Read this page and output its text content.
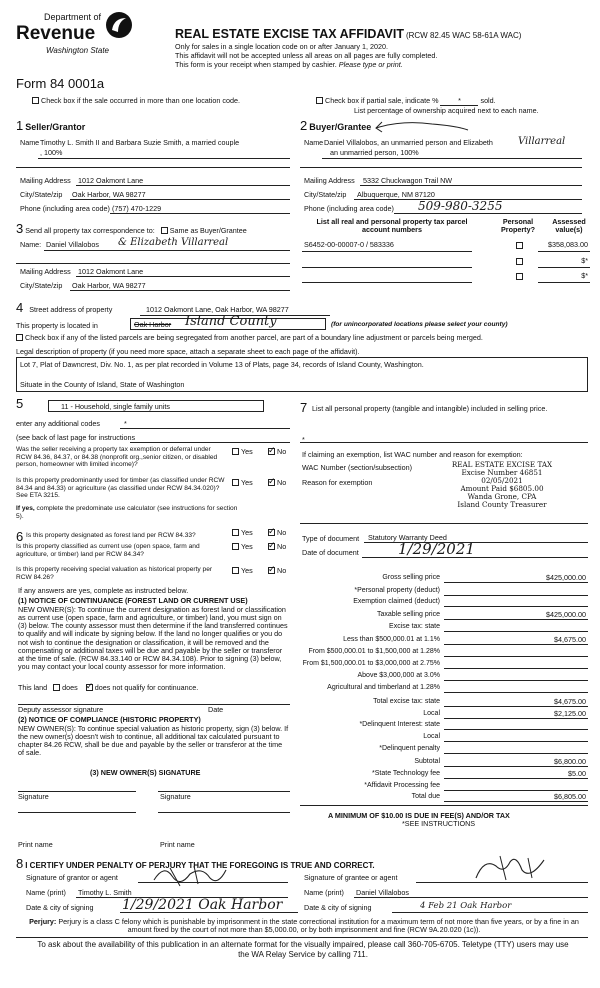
Department of
Revenue
Washington State
Form 84 0001a
REAL ESTATE EXCISE TAX AFFIDAVIT (RCW 82.45 WAC 58-61A WAC)
Only for sales in a single location code on or after January 1, 2020.
This affidavit will not be accepted unless all areas on all pages are fully completed.
This form is your receipt when stamped by cashier. Please type or print.
Check box if the sale occurred in more than one location code.	Check box if partial sale, indicate %	*	sold.
List percentage of ownership acquired next to each name.
1 Seller/Grantor
Name Timothy L. Smith II and Barbara Suzie Smith, a married couple
, 100%
Mailing Address 1012 Oakmont Lane
City/State/zip Oak Harbor, WA 98277
Phone (including area code) (757) 470-1229
2 Buyer/Grantee
Name Daniel Villalobos, an unmarried person and Elizabeth	Villarreal
an unmarried person, 100%
Mailing Address 5332 Chuckwagon Trail NW
City/State/zip Albuquerque, NM 87120
Phone (including area code) 509-980-3255
3 Send all property tax correspondence to: Same as Buyer/Grantee
Name: Daniel Villalobos & Elizabeth Villarreal
Mailing Address 1012 Oakmont Lane
City/State/zip Oak Harbor, WA 98277
List all real and personal property tax parcel account numbers
Personal Property?
Assessed value(s)
S6452-00-00007-0 / 583336	$358,083.00
$*
$*
4 Street address of property	1012 Oakmont Lane, Oak Harbor, WA 98277
This property is located in	Oak Harbor Island County	(for unincorporated locations please select your county)
Check box if any of the listed parcels are being segregated from another parcel, are part of a boundary line adjustment or parcels being merged.
Legal description of property (if you need more space, attach a separate sheet to each page of the affidavit).
Lot 7, Plat of Dawncrest, Div. No. 1, as per plat recorded in Volume 13 of Plats, page 34, records of Island County, Washington.
Situate in the County of Island, State of Washington
5	11 - Household, single family units
enter any additional codes	*
(see back of last page for instructions
Was the seller receiving a property tax exemption or deferral under RCW 84.36, 84.37, or 84.38 (nonprofit org.,senior citizen, or disabled person, homeowner with limited income)?
Yes ✓	No
Is this property predominantly used for timber (as classified under RCW 84.34 and 84.33) or agriculture (as classified under RCW 84.34.020)? See ETA 3215.
Yes ✓	No
If yes, complete the predominate use calculator (see instructions for section 5).
6 Is this property designated as forest land per RCW 84.33?	Yes ✓	No
Is this property classified as current use (open space, farm and agriculture, or timber) land per RCW 84.34?
Yes ✓	No
Is this property receiving special valuation as historical property per RCW 84.26?
Yes ✓	No
If any answers are yes, complete as instructed below.
(1) NOTICE OF CONTINUANCE (FOREST LAND OR CURRENT USE)
NEW OWNER(S): To continue the current designation as forest land or classification as current use (open space, farm and agriculture, or timber) land, you must sign on (3) below. The county assessor must then determine if the land transferred continues to qualify and will indicate by signing below. If the land no longer qualifies or you do not wish to continue the designation or classification, it will be removed and the compensating or additional taxes will be due and payable by the seller or transferor at the time of sale. (RCW 84.33.140 or RCW 84.34.108). Prior to signing (3) below, you may contact your local county assessor for more information.
This land does ✓ does not qualify for continuance.
Deputy assessor signature	Date
(2) NOTICE OF COMPLIANCE (HISTORIC PROPERTY)
NEW OWNER(S): To continue special valuation as historic property, sign (3) below. If the new owner(s) doesn't wish to continue, all additional tax calculated pursuant to chapter 84.26 RCW, shall be due and payable by the seller or transferor at the time of sale.
(3) NEW OWNER(S) SIGNATURE
Signature	Signature
Print name	Print name
7 List all personal property (tangible and intangible) included in selling price.
*
If claiming an exemption, list WAC number and reason for exemption:
WAC Number (section/subsection)
Reason for exemption
REAL ESTATE EXCISE TAX
Excise Number 46851
02/05/2021
Amount Paid $6805.00
Wanda Grone, CPA
Island County Treasurer
Type of document Statutory Warranty Deed
Date of document	1/29/2021
Gross selling price	$425,000.00
*Personal property (deduct)
Exemption claimed (deduct)
Taxable selling price	$425,000.00
Excise tax: state
Less than $500,000.01 at 1.1%	$4,675.00
From $500,000.01 to $1,500,000 at 1.28%
From $1,500,000.01 to $3,000,000 at 2.75%
Above $3,000,000 at 3.0%
Agricultural and timberland at 1.28%
Total excise tax: state	$4,675.00
Local	$2,125.00
*Delinquent Interest: state
Local
*Delinquent penalty
Subtotal	$6,800.00
*State Technology fee	$5.00
*Affidavit Processing fee
Total due	$6,805.00
A MINIMUM OF $10.00 IS DUE IN FEE(S) AND/OR TAX
*SEE INSTRUCTIONS
8 I CERTIFY UNDER PENALTY OF PERJURY THAT THE FOREGOING IS TRUE AND CORRECT.
Signature of grantor or agent	Signature of grantee or agent
Name (print) Timothy L. Smith	Name (print) Daniel Villalobos
Date & city of signing 1/29/2021 Oak Harbor	Date & city of signing	4 Feb 21 Oak Harbor
Perjury: Perjury is a class C felony which is punishable by imprisonment in the state correctional institution for a maximum term of not more than five years, or by a fine in an amount fixed by the court of not more than $5,000.00, or by both imprisonment and fine (RCW 9A.20.020 (1c)).
To ask about the availability of this publication in an alternate format for the visually impaired, please call 360-705-6705. Teletype (TTY) users may use the WA Relay Service by calling 711.
